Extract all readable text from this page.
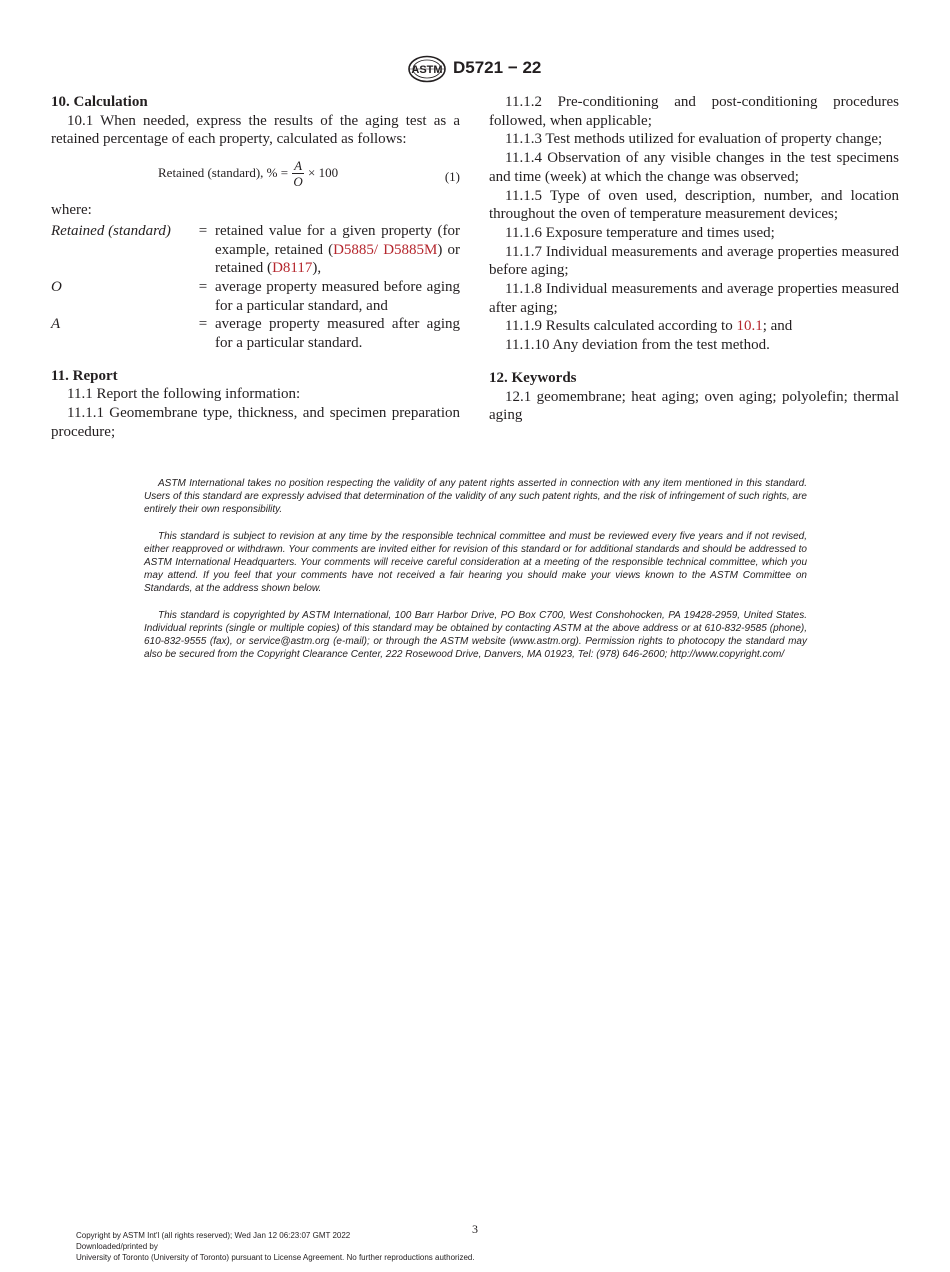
ASTM D5721 − 22

10. Calculation

10.1 When needed, express the results of the aging test as a retained percentage of each property, calculated as follows:

Retained (standard), % = $\frac{A}{O} \times 100$	(1)

where:

Retained (standard)	= retained value for a given property (for example, retained (D5885/ D5885M) or retained (D8117),
O	= average property measured before aging for a particular standard, and
A	= average property measured after aging for a particular standard.

11. Report

11.1 Report the following information:

11.1.1 Geomembrane type, thickness, and specimen preparation procedure;

11.1.2 Pre-conditioning and post-conditioning procedures followed, when applicable;

11.1.3 Test methods utilized for evaluation of property change;

11.1.4 Observation of any visible changes in the test specimens and time (week) at which the change was observed;

11.1.5 Type of oven used, description, number, and location throughout the oven of temperature measurement devices;

11.1.6 Exposure temperature and times used;

11.1.7 Individual measurements and average properties measured before aging;

11.1.8 Individual measurements and average properties measured after aging;

11.1.9 Results calculated according to 10.1; and

11.1.10 Any deviation from the test method.

12. Keywords

12.1 geomembrane; heat aging; oven aging; polyolefin; thermal aging

ASTM International takes no position respecting the validity of any patent rights asserted in connection with any item mentioned in this standard. Users of this standard are expressly advised that determination of the validity of any such patent rights, and the risk of infringement of such rights, are entirely their own responsibility.

This standard is subject to revision at any time by the responsible technical committee and must be reviewed every five years and if not revised, either reapproved or withdrawn. Your comments are invited either for revision of this standard or for additional standards and should be addressed to ASTM International Headquarters. Your comments will receive careful consideration at a meeting of the responsible technical committee, which you may attend. If you feel that your comments have not received a fair hearing you should make your views known to the ASTM Committee on Standards, at the address shown below.

This standard is copyrighted by ASTM International, 100 Barr Harbor Drive, PO Box C700, West Conshohocken, PA 19428-2959, United States. Individual reprints (single or multiple copies) of this standard may be obtained by contacting ASTM at the above address or at 610-832-9585 (phone), 610-832-9555 (fax), or service@astm.org (e-mail); or through the ASTM website (www.astm.org). Permission rights to photocopy the standard may also be secured from the Copyright Clearance Center, 222 Rosewood Drive, Danvers, MA 01923, Tel: (978) 646-2600; http://www.copyright.com/

3
Copyright by ASTM Int'l (all rights reserved); Wed Jan 12 06:23:07 GMT 2022
Downloaded/printed by
University of Toronto (University of Toronto) pursuant to License Agreement. No further reproductions authorized.
